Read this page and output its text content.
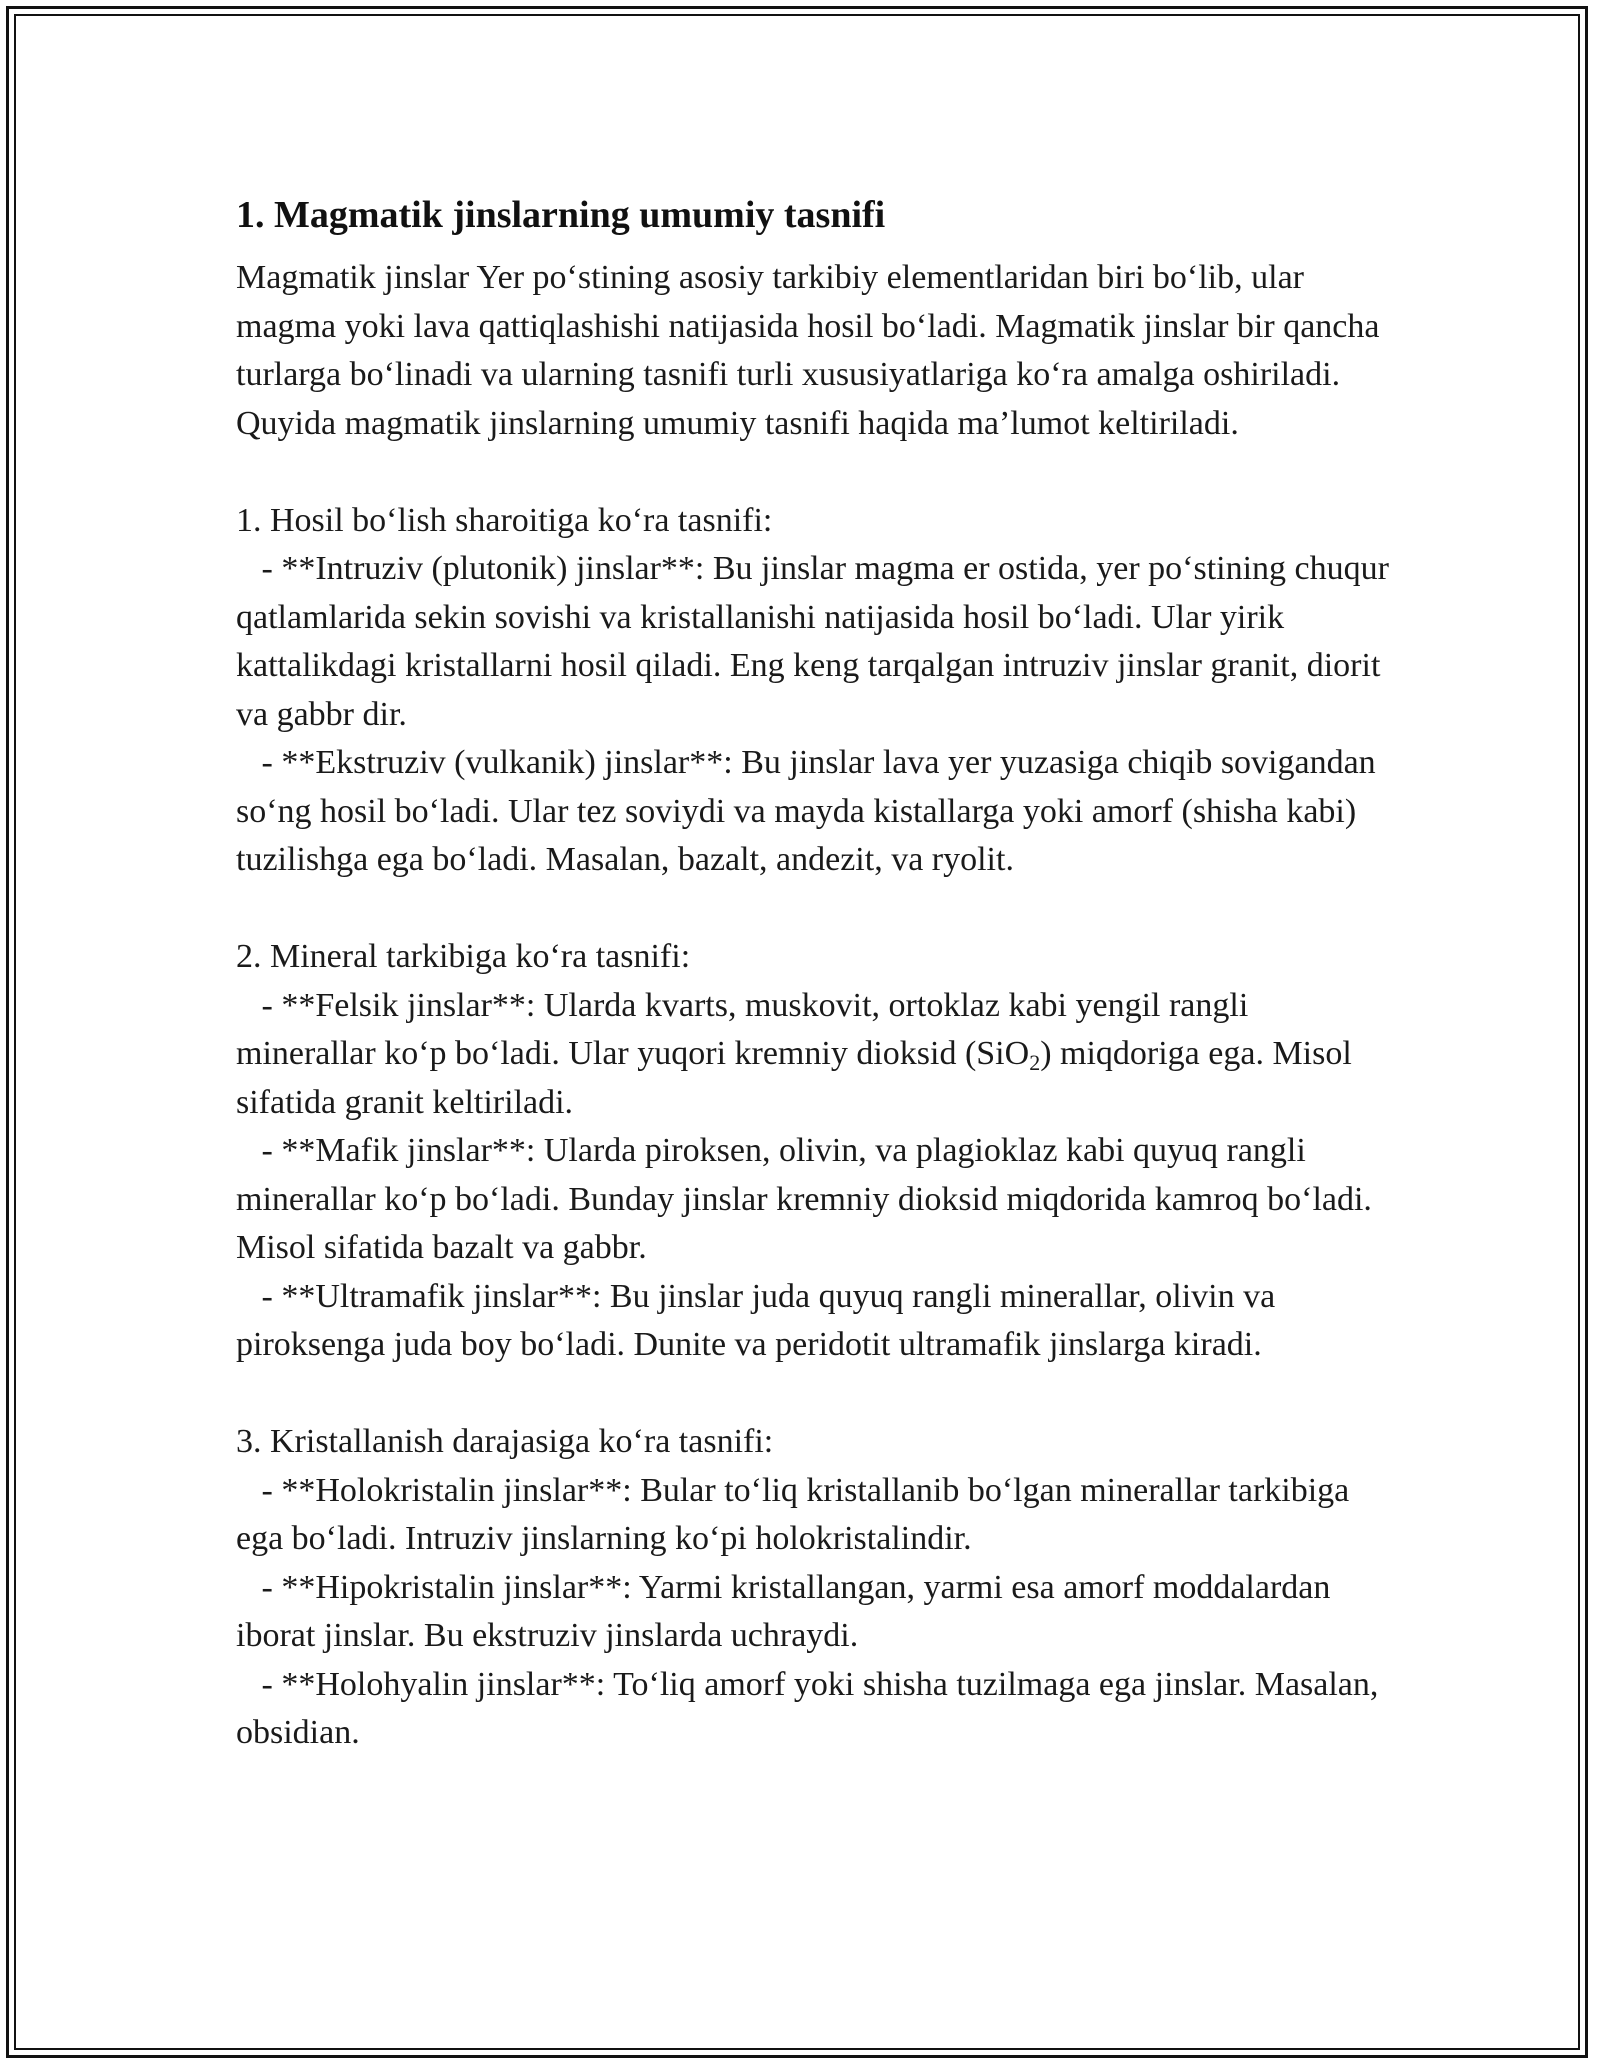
1. Magmatik jinslarning umumiy tasnifi

Magmatik jinslar Yer po‘stining asosiy tarkibiy elementlaridan biri bo‘lib, ular magma yoki lava qattiqlashishi natijasida hosil bo‘ladi. Magmatik jinslar bir qancha turlarga bo‘linadi va ularning tasnifi turli xususiyatlariga ko‘ra amalga oshiriladi. Quyida magmatik jinslarning umumiy tasnifi haqida ma’lumot keltiriladi.

1. Hosil bo‘lish sharoitiga ko‘ra tasnifi:
- **Intruziv (plutonik) jinslar**: Bu jinslar magma er ostida, yer po‘stining chuqur qatlamlarida sekin sovishi va kristallanishi natijasida hosil bo‘ladi. Ular yirik kattalikdagi kristallarni hosil qiladi. Eng keng tarqalgan intruziv jinslar granit, diorit va gabbr dir.
- **Ekstruziv (vulkanik) jinslar**: Bu jinslar lava yer yuzasiga chiqib sovigandan so‘ng hosil bo‘ladi. Ular tez soviydi va mayda kistallarga yoki amorf (shisha kabi) tuzilishga ega bo‘ladi. Masalan, bazalt, andezit, va ryolit.
2. Mineral tarkibiga ko‘ra tasnifi:
- **Felsik jinslar**: Ularda kvarts, muskovit, ortoklaz kabi yengil rangli minerallar ko‘p bo‘ladi. Ular yuqori kremniy dioksid (SiO$_2$) miqdoriga ega. Misol sifatida granit keltiriladi.
- **Mafik jinslar**: Ularda piroksen, olivin, va plagioklaz kabi quyuq rangli minerallar ko‘p bo‘ladi. Bunday jinslar kremniy dioksid miqdorida kamroq bo‘ladi. Misol sifatida bazalt va gabbr.
- **Ultramafik jinslar**: Bu jinslar juda quyuq rangli minerallar, olivin va piroksenga juda boy bo‘ladi. Dunite va peridotit ultramafik jinslarga kiradi.
3. Kristallanish darajasiga ko‘ra tasnifi:
- **Holokristalin jinslar**: Bular to‘liq kristallanib bo‘lgan minerallar tarkibiga ega bo‘ladi. Intruziv jinslarning ko‘pi holokristalindir.
- **Hipokristalin jinslar**: Yarmi kristallangan, yarmi esa amorf moddalardan iborat jinslar. Bu ekstruziv jinslarda uchraydi.
- **Holohyalin jinslar**: To‘liq amorf yoki shisha tuzilmaga ega jinslar. Masalan, obsidian.
